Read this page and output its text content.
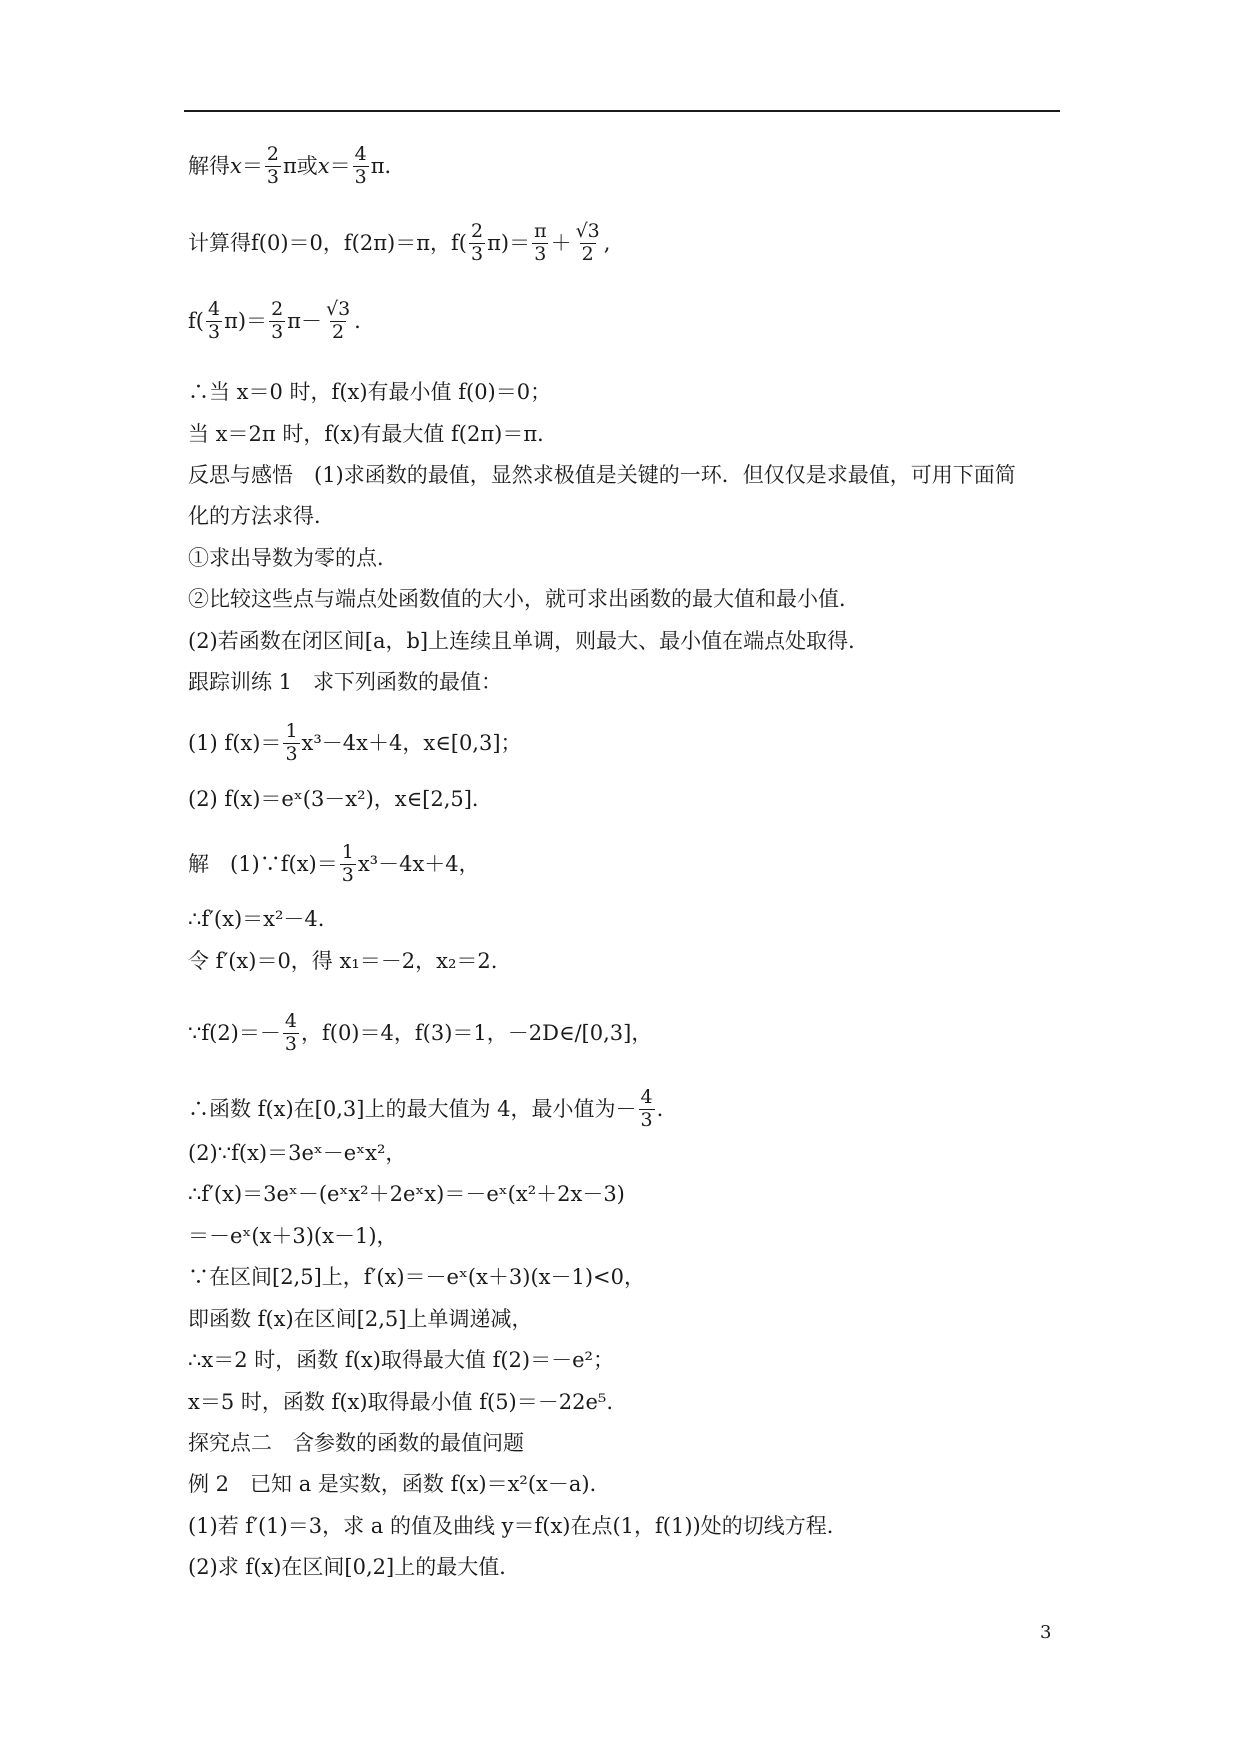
解得 $x = \frac{2}{3}$ π 或 $x = \frac{4}{3}$ π．
计算得 f(0)＝0， f(2π)＝π， $f( \frac{2}{3} \pi)= \frac{\pi}{3} + \frac{√3}{2}$ ,
$f( \frac{4}{3} \pi)= \frac{2}{3} \pi- \frac{√3}{2}$ .
∴当 x＝0 时，f(x)有最小值 f(0)＝0；
当 x＝2π 时，f(x)有最大值 f(2π)＝π．
反思与感悟　(1)求函数的最值，显然求极值是关键的一环．但仅仅是求最值，可用下面简
化的方法求得．
①求出导数为零的点．
②比较这些点与端点处函数值的大小，就可求出函数的最大值和最小值．
(2)若函数在闭区间[a，b]上连续且单调，则最大、最小值在端点处取得．
跟踪训练 1　求下列函数的最值：
(1) $f(x)= \frac{1}{3} x^3-4x+4$，x∈[0,3]；
(2) f(x)＝eˣ(3－x²)，x∈[2,5]．
解　(1)∵f(x)＝ $\frac{1}{3} x^3-4x+4$，
∴f′(x)＝x²－4.
令 f′(x)＝0，得 x₁＝－2，x₂＝2.
∵f(2)＝－ $\frac{4}{3}$ ，f(0)＝4，f(3)＝1，－2D∈/[0,3]，
∴函数 f(x)在[0,3]上的最大值为 4，最小值为－ $\frac{4}{3}$ .
(2)∵f(x)＝3eˣ－eˣx²，
∴f′(x)＝3eˣ－(eˣx²＋2eˣx)＝－eˣ(x²＋2x－3)
＝－eˣ(x＋3)(x－1)，
∵在区间[2,5]上，f′(x)＝－eˣ(x＋3)(x－1)<0，
即函数 f(x)在区间[2,5]上单调递减，
∴x＝2 时，函数 f(x)取得最大值 f(2)＝－e²；
x＝5 时，函数 f(x)取得最小值 f(5)＝－22e⁵.
探究点二　含参数的函数的最值问题
例 2　已知 a 是实数，函数 f(x)＝x²(x－a)．
(1)若 f′(1)＝3，求 a 的值及曲线 y＝f(x)在点(1，f(1))处的切线方程．
(2)求 f(x)在区间[0,2]上的最大值．
3
